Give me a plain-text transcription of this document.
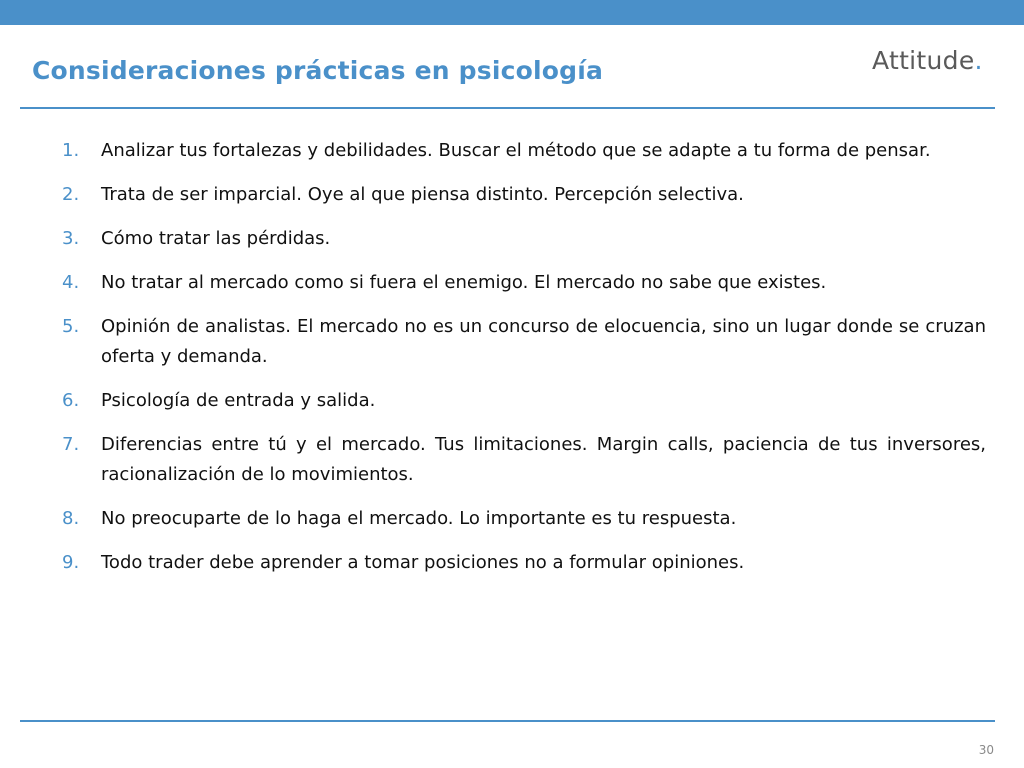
Consideraciones prácticas en psicología	Attitude.
1.	Analizar tus fortalezas y debilidades. Buscar el método que se adapte a tu forma de pensar.
2.	Trata de ser imparcial. Oye al que piensa distinto. Percepción selectiva.
3.	Cómo tratar las pérdidas.
4.	No tratar al mercado como si fuera el enemigo. El mercado no sabe que existes.
5.	Opinión de analistas. El mercado no es un concurso de elocuencia, sino un lugar donde se cruzan oferta y demanda.
6.	Psicología de entrada y salida.
7.	Diferencias entre tú y el mercado. Tus limitaciones. Margin calls, paciencia de tus inversores, racionalización de lo movimientos.
8.	No preocuparte de lo haga el mercado. Lo importante es tu respuesta.
9.	Todo trader debe aprender a tomar posiciones no a formular opiniones.
30
